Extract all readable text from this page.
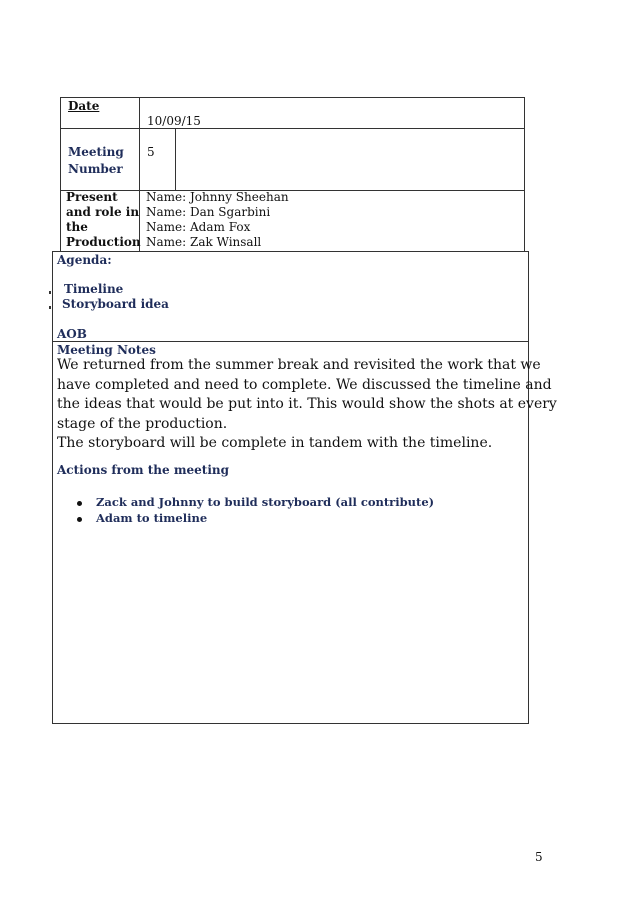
Date
10/09/15
Meeting
Number
5
Present
and role in
the
Production
Name: Johnny Sheehan
Name: Dan Sgarbini
Name: Adam Fox
Name: Zak Winsall
Agenda:
Timeline
Storyboard idea
AOB
Meeting Notes
We returned from the summer break and revisited the work that we
have completed and need to complete. We discussed the timeline and
the ideas that would be put into it. This would show the shots at every
stage of the production.
The storyboard will be complete in tandem with the timeline.
Actions from the meeting
Zack and Johnny to build storyboard (all contribute)
Adam to timeline
5
